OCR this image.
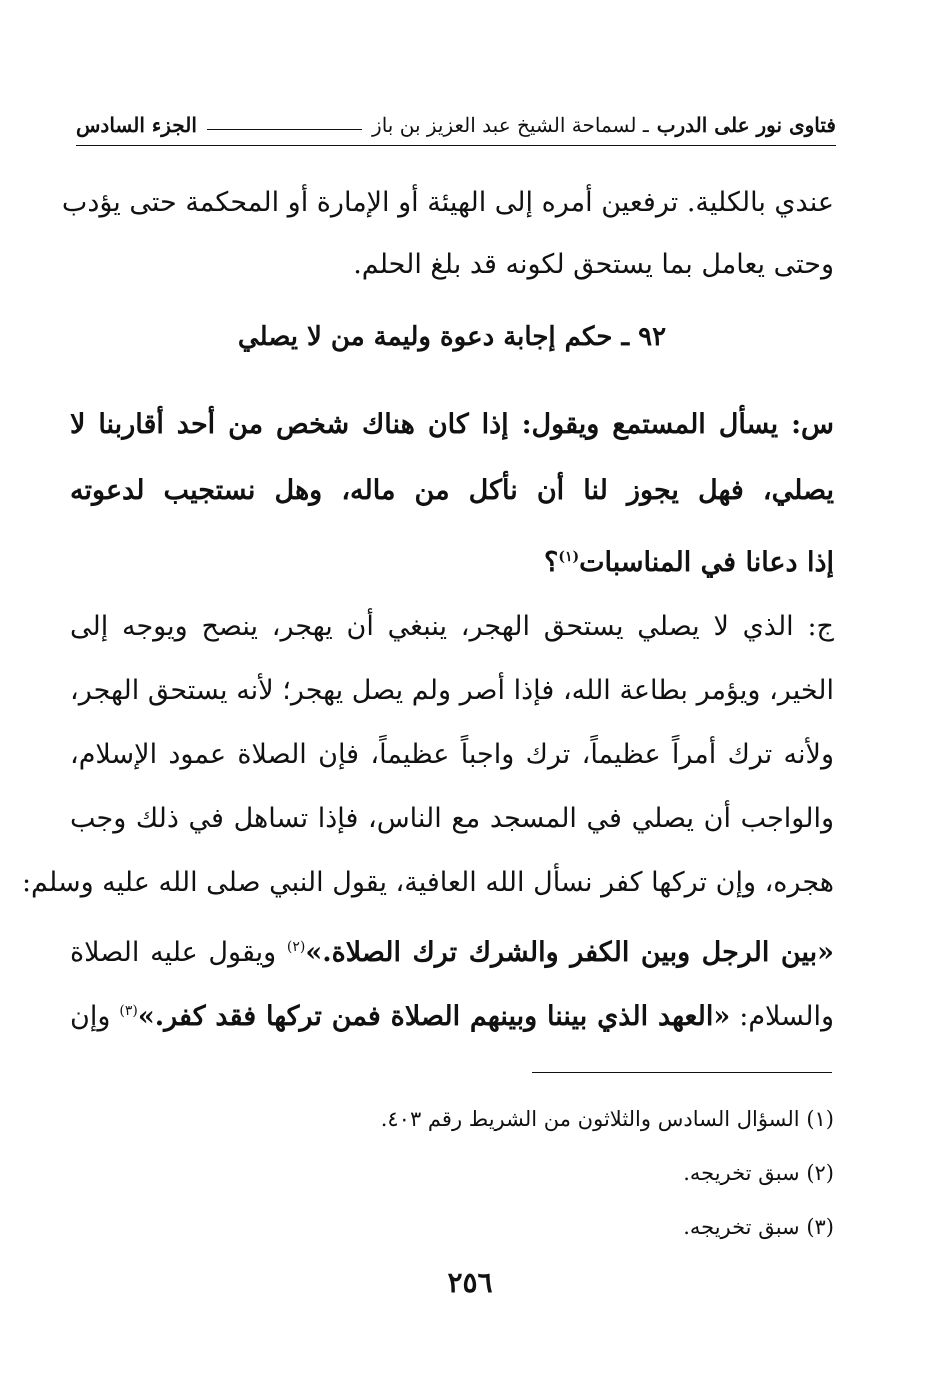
فتاوى نور على الدرب
ـ لسماحة الشيخ عبد العزيز بن باز
الجزء السادس
عندي بالكلية. ترفعين أمره إلى الهيئة أو الإمارة أو المحكمة حتى يؤدب
وحتى يعامل بما يستحق لكونه قد بلغ الحلم.
٩٢ ـ حكم إجابة دعوة وليمة من لا يصلي
س: يسأل المستمع ويقول: إذا كان هناك شخص من أحد أقاربنا لا
يصلي، فهل يجوز لنا أن نأكل من ماله، وهل نستجيب لدعوته
إذا دعانا في المناسبات$^{(١)}$؟
ج: الذي لا يصلي يستحق الهجر، ينبغي أن يهجر، ينصح ويوجه إلى
الخير، ويؤمر بطاعة الله، فإذا أصر ولم يصل يهجر؛ لأنه يستحق الهجر،
ولأنه ترك أمراً عظيماً، ترك واجباً عظيماً، فإن الصلاة عمود الإسلام،
والواجب أن يصلي في المسجد مع الناس، فإذا تساهل في ذلك وجب
هجره، وإن تركها كفر نسأل الله العافية، يقول النبي صلى الله عليه وسلم:
«بين الرجل وبين الكفر والشرك ترك الصلاة.»$^{(٢)}$ ويقول عليه الصلاة
والسلام: «العهد الذي بيننا وبينهم الصلاة فمن تركها فقد كفر.»$^{(٣)}$ وإن
(١) السؤال السادس والثلاثون من الشريط رقم ٤٠٣.
(٢) سبق تخريجه.
(٣) سبق تخريجه.
٢٥٦
